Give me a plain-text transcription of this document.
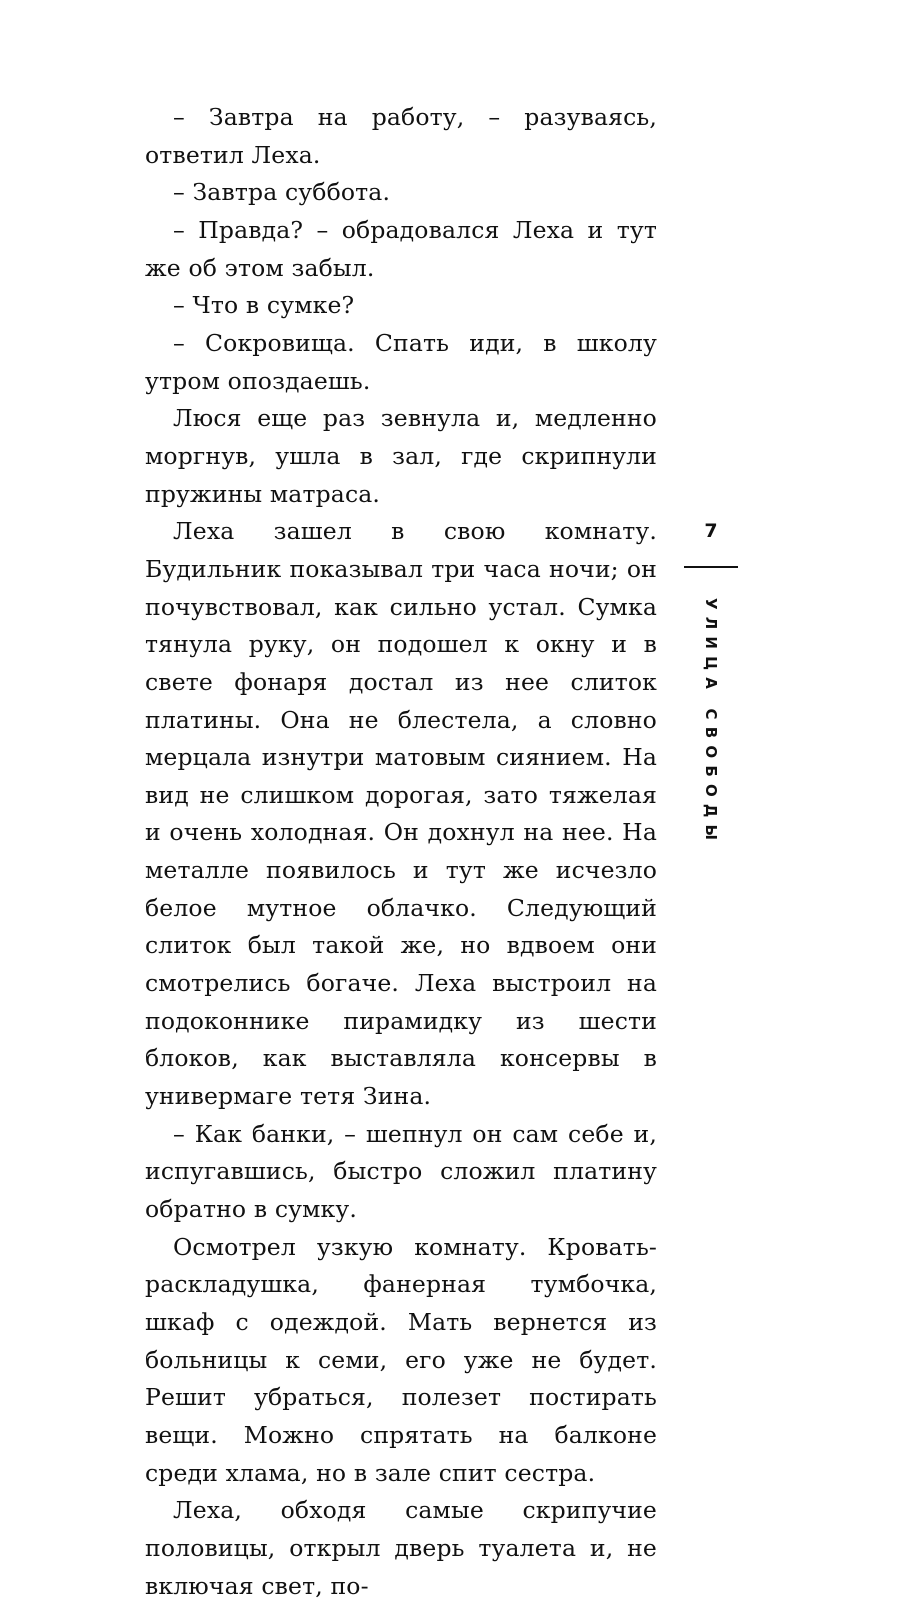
– Завтра на работу, – разуваясь, ответил Леха.

– Завтра суббота.

– Правда? – обрадовался Леха и тут же об этом забыл.

– Что в сумке?

– Сокровища. Спать иди, в школу утром опоздаешь.

Люся еще раз зевнула и, медленно моргнув, ушла в зал, где скрипнули пружины матраса.

Леха зашел в свою комнату. Будильник показывал три часа ночи; он почувствовал, как сильно устал. Сумка тянула руку, он подошел к окну и в свете фонаря достал из нее слиток платины. Она не блестела, а словно мерцала изнутри матовым сиянием. На вид не слишком дорогая, зато тяжелая и очень холодная. Он дохнул на нее. На металле появилось и тут же исчезло белое мутное облачко. Следующий слиток был такой же, но вдвоем они смотрелись богаче. Леха выстроил на подоконнике пирамидку из шести блоков, как выставляла консервы в универмаге тетя Зина.

– Как банки, – шепнул он сам себе и, испугавшись, быстро сложил платину обратно в сумку.

Осмотрел узкую комнату. Кровать-раскладушка, фанерная тумбочка, шкаф с одеждой. Мать вернется из больницы к семи, его уже не будет. Решит убраться, полезет постирать вещи. Можно спрятать на балконе среди хлама, но в зале спит сестра.

Леха, обходя самые скрипучие половицы, открыл дверь туалета и, не включая свет, по-

7
УЛИЦА СВОБОДЫ
